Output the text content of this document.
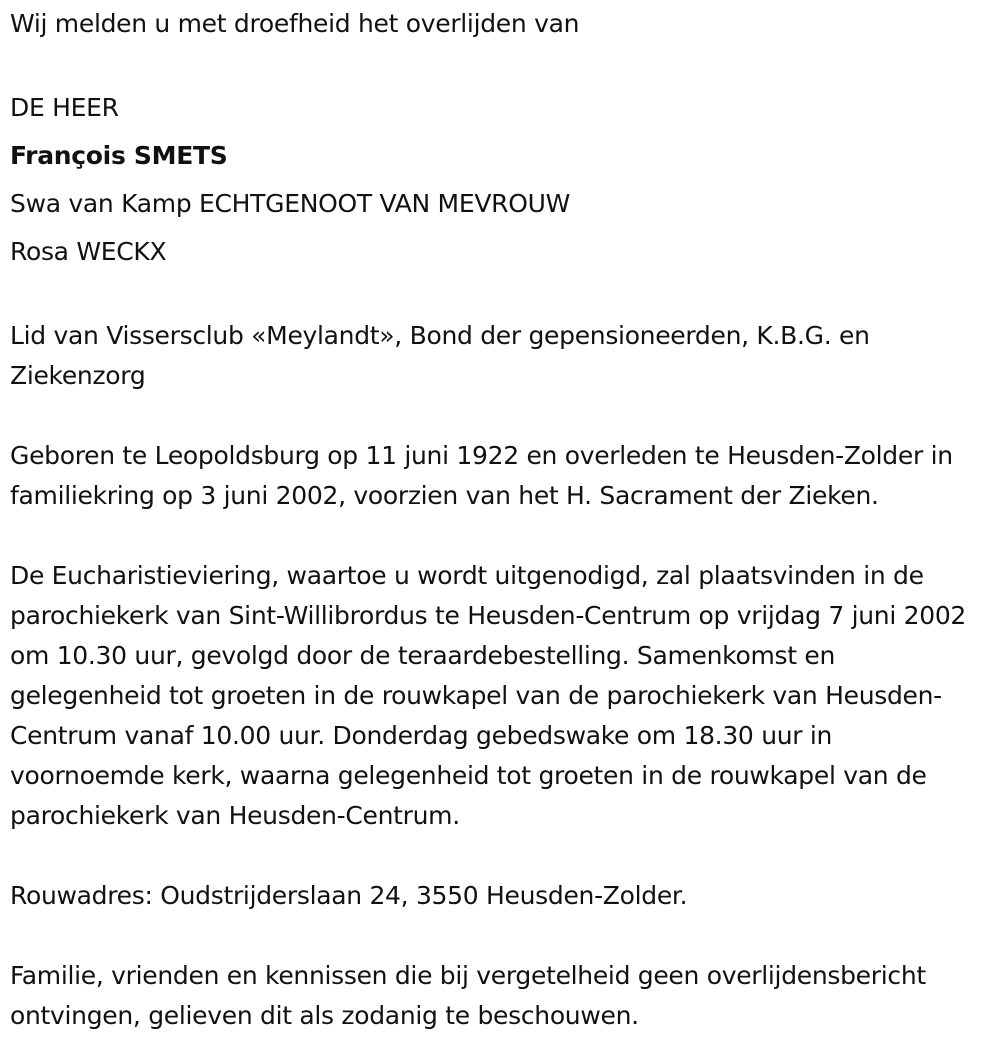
Wij melden u met droefheid het overlijden van

DE HEER

François SMETS

Swa van Kamp ECHTGENOOT VAN MEVROUW

Rosa WECKX

Lid van Vissersclub «Meylandt», Bond der gepensioneerden, K.B.G. en Ziekenzorg

Geboren te Leopoldsburg op 11 juni 1922 en overleden te Heusden-Zolder in familiekring op 3 juni 2002, voorzien van het H. Sacrament der Zieken.

De Eucharistieviering, waartoe u wordt uitgenodigd, zal plaatsvinden in de parochiekerk van Sint-Willibrordus te Heusden-Centrum op vrijdag 7 juni 2002 om 10.30 uur, gevolgd door de teraardebestelling. Samenkomst en gelegenheid tot groeten in de rouwkapel van de parochiekerk van Heusden-Centrum vanaf 10.00 uur. Donderdag gebedswake om 18.30 uur in voornoemde kerk, waarna gelegenheid tot groeten in de rouwkapel van de parochiekerk van Heusden-Centrum.

Rouwadres: Oudstrijderslaan 24, 3550 Heusden-Zolder.

Familie, vrienden en kennissen die bij vergetelheid geen overlijdensbericht ontvingen, gelieven dit als zodanig te beschouwen.
